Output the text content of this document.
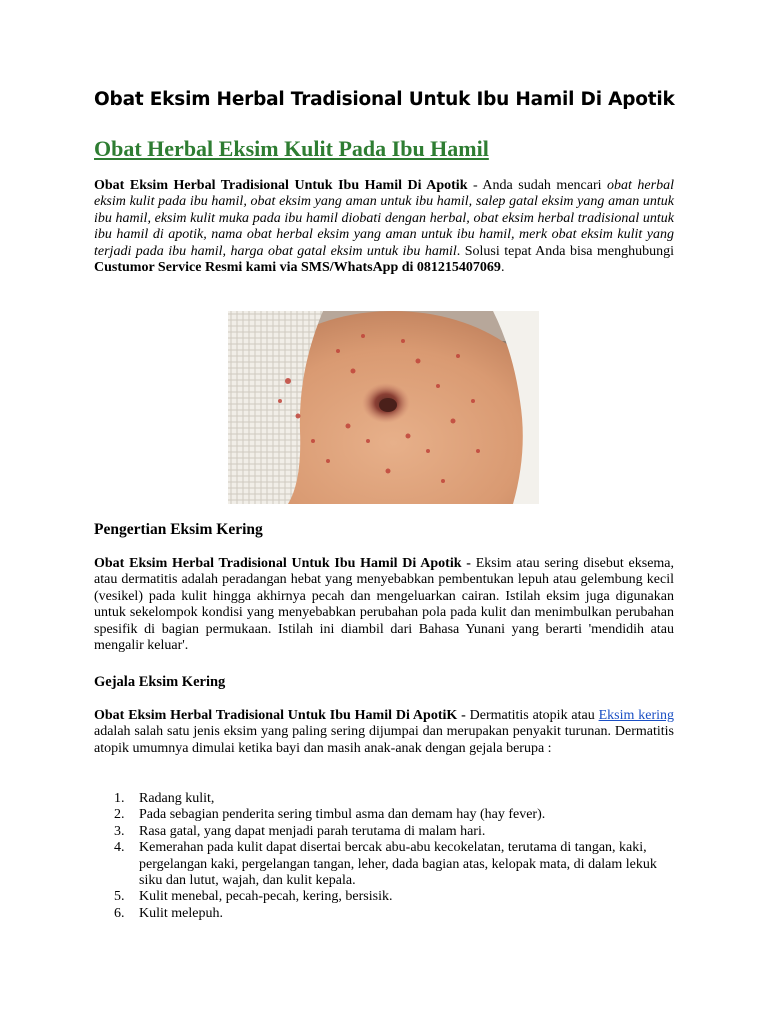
Obat Eksim Herbal Tradisional Untuk Ibu Hamil Di Apotik
Obat Herbal Eksim Kulit Pada Ibu Hamil

Obat Eksim Herbal Tradisional Untuk Ibu Hamil Di Apotik - Anda sudah mencari obat herbal eksim kulit pada ibu hamil, obat eksim yang aman untuk ibu hamil, salep gatal eksim yang aman untuk ibu hamil, eksim kulit muka pada ibu hamil diobati dengan herbal, obat eksim herbal tradisional untuk ibu hamil di apotik, nama obat herbal eksim yang aman untuk ibu hamil, merk obat eksim kulit yang terjadi pada ibu hamil, harga obat gatal eksim untuk ibu hamil. Solusi tepat Anda bisa menghubungi Custumor Service Resmi kami via SMS/WhatsApp di 081215407069.

Pengertian Eksim Kering

Obat Eksim Herbal Tradisional Untuk Ibu Hamil Di Apotik - Eksim atau sering disebut eksema, atau dermatitis adalah peradangan hebat yang menyebabkan pembentukan lepuh atau gelembung kecil (vesikel) pada kulit hingga akhirnya pecah dan mengeluarkan cairan. Istilah eksim juga digunakan untuk sekelompok kondisi yang menyebabkan perubahan pola pada kulit dan menimbulkan perubahan spesifik di bagian permukaan. Istilah ini diambil dari Bahasa Yunani yang berarti 'mendidih atau mengalir keluar'.

Gejala Eksim Kering

Obat Eksim Herbal Tradisional Untuk Ibu Hamil Di ApotiK - Dermatitis atopik atau Eksim kering adalah salah satu jenis eksim yang paling sering dijumpai dan merupakan penyakit turunan. Dermatitis atopik umumnya dimulai ketika bayi dan masih anak-anak dengan gejala berupa :

1. Radang kulit,
2. Pada sebagian penderita sering timbul asma dan demam hay (hay fever).
3. Rasa gatal, yang dapat menjadi parah terutama di malam hari.
4. Kemerahan pada kulit dapat disertai bercak abu-abu kecokelatan, terutama di tangan, kaki, pergelangan kaki, pergelangan tangan, leher, dada bagian atas, kelopak mata, di dalam lekuk siku dan lutut, wajah, dan kulit kepala.
5. Kulit menebal, pecah-pecah, kering, bersisik.
6. Kulit melepuh.
